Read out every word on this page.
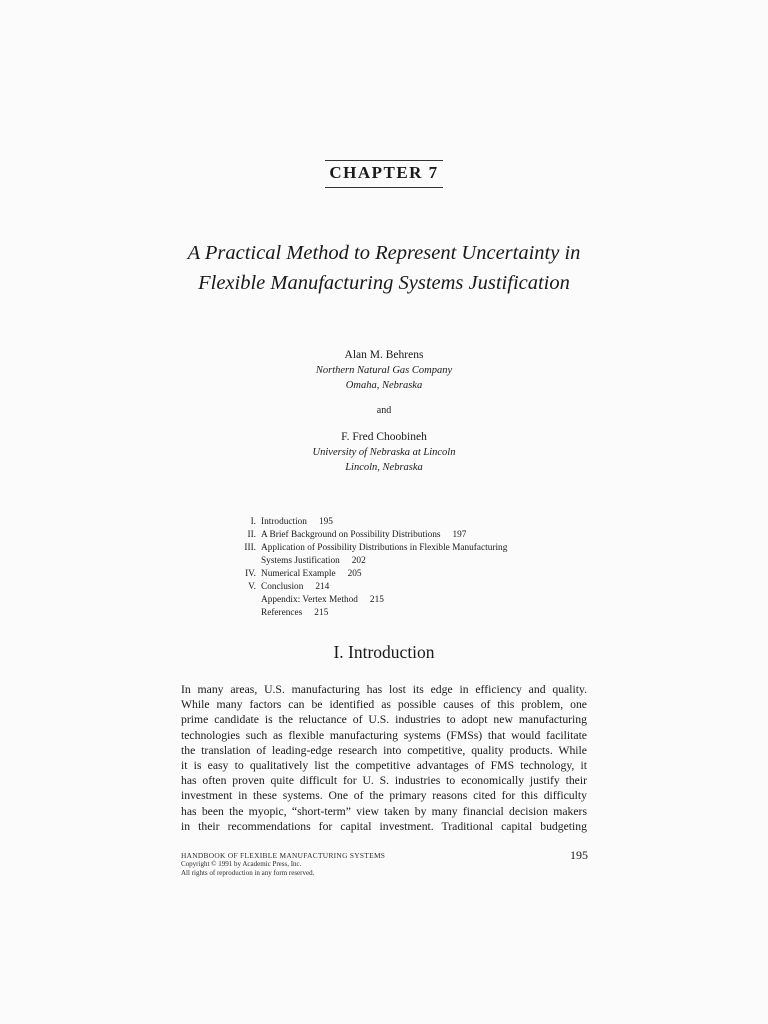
CHAPTER 7
A Practical Method to Represent Uncertainty in
Flexible Manufacturing Systems Justification
Alan M. Behrens
Northern Natural Gas Company
Omaha, Nebraska
and
F. Fred Choobineh
University of Nebraska at Lincoln
Lincoln, Nebraska
I. Introduction 195
II. A Brief Background on Possibility Distributions 197
III. Application of Possibility Distributions in Flexible Manufacturing
Systems Justification 202
IV. Numerical Example 205
V. Conclusion 214
Appendix: Vertex Method 215
References 215
I. Introduction
In many areas, U.S. manufacturing has lost its edge in efficiency and quality.
While many factors can be identified as possible causes of this problem, one
prime candidate is the reluctance of U.S. industries to adopt new manufacturing
technologies such as flexible manufacturing systems (FMSs) that would facilitate
the translation of leading-edge research into competitive, quality products. While
it is easy to qualitatively list the competitive advantages of FMS technology, it
has often proven quite difficult for U. S. industries to economically justify their
investment in these systems. One of the primary reasons cited for this difficulty
has been the myopic, “short-term” view taken by many financial decision makers
in their recommendations for capital investment. Traditional capital budgeting
HANDBOOK OF FLEXIBLE MANUFACTURING SYSTEMS
Copyright © 1991 by Academic Press, Inc.
All rights of reproduction in any form reserved.
195
